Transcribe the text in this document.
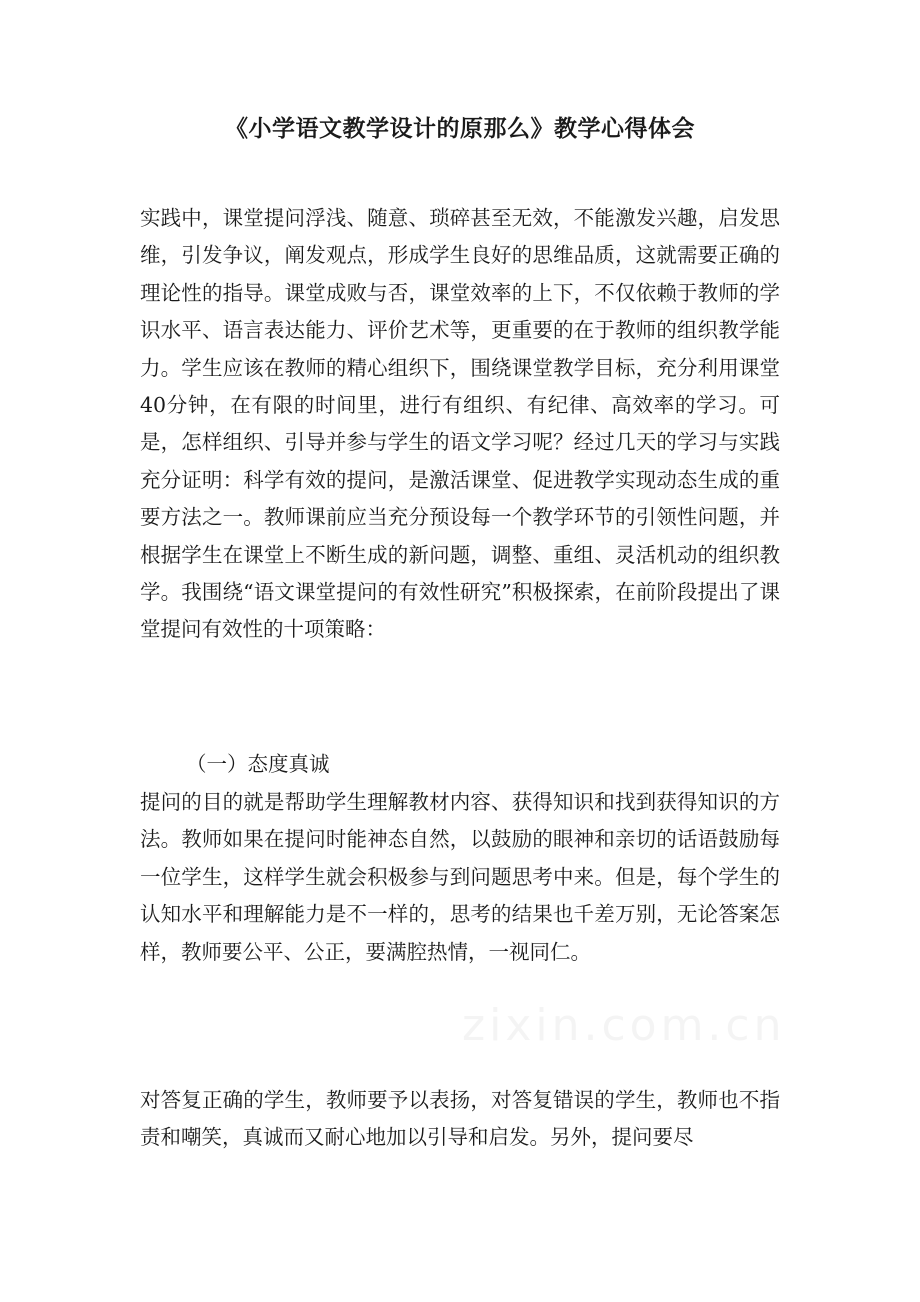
《小学语文教学设计的原那么》教学心得体会

实践中，课堂提问浮浅、随意、琐碎甚至无效，不能激发兴趣，启发思维，引发争议，阐发观点，形成学生良好的思维品质，这就需要正确的理论性的指导。课堂成败与否，课堂效率的上下，不仅依赖于教师的学识水平、语言表达能力、评价艺术等，更重要的在于教师的组织教学能力。学生应该在教师的精心组织下，围绕课堂教学目标，充分利用课堂40分钟，在有限的时间里，进行有组织、有纪律、高效率的学习。可是，怎样组织、引导并参与学生的语文学习呢？经过几天的学习与实践充分证明：科学有效的提问，是激活课堂、促进教学实现动态生成的重要方法之一。教师课前应当充分预设每一个教学环节的引领性问题，并根据学生在课堂上不断生成的新问题，调整、重组、灵活机动的组织教学。我围绕“语文课堂提问的有效性研究”积极探索，在前阶段提出了课堂提问有效性的十项策略：

（一）态度真诚

提问的目的就是帮助学生理解教材内容、获得知识和找到获得知识的方法。教师如果在提问时能神态自然，以鼓励的眼神和亲切的话语鼓励每一位学生，这样学生就会积极参与到问题思考中来。但是，每个学生的认知水平和理解能力是不一样的，思考的结果也千差万别，无论答案怎样，教师要公平、公正，要满腔热情，一视同仁。

对答复正确的学生，教师要予以表扬，对答复错误的学生，教师也不指责和嘲笑，真诚而又耐心地加以引导和启发。另外，提问要尽

zixin.com.cn
